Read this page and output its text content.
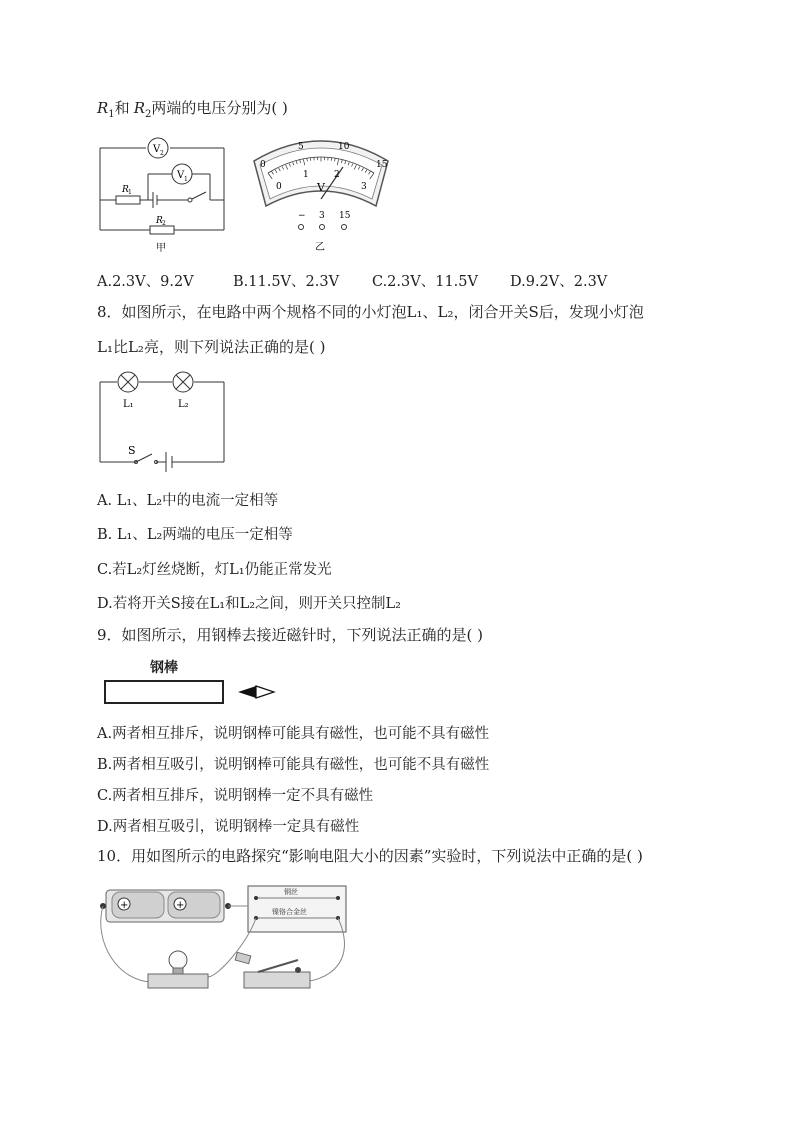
$R_1$和 $R_2$两端的电压分别为( )
V 2
V 1
R 1
R 2
甲
0
5	10
15
0
1	2
3
V
− 3 15
乙
A.2.3V、9.2V	B.11.5V、2.3V C.2.3V、11.5V D.9.2V、2.3V
8．如图所示，在电路中两个规格不同的小灯泡L₁、L₂，闭合开关S后，发现小灯泡
L₁比L₂亮，则下列说法正确的是( )
L₁	L₂
S
A. L₁、L₂中的电流一定相等
B. L₁、L₂两端的电压一定相等
C.若L₂灯丝烧断，灯L₁仍能正常发光
D.若将开关S接在L₁和L₂之间，则开关只控制L₂
9．如图所示，用钢棒去接近磁针时，下列说法正确的是( )
钢棒
A.两者相互排斥，说明钢棒可能具有磁性，也可能不具有磁性
B.两者相互吸引，说明钢棒可能具有磁性，也可能不具有磁性
C.两者相互排斥，说明钢棒一定不具有磁性
D.两者相互吸引，说明钢棒一定具有磁性
10．用如图所示的电路探究“影响电阻大小的因素”实验时，下列说法中正确的是( )
+	+
铜丝
镍铬合金丝
